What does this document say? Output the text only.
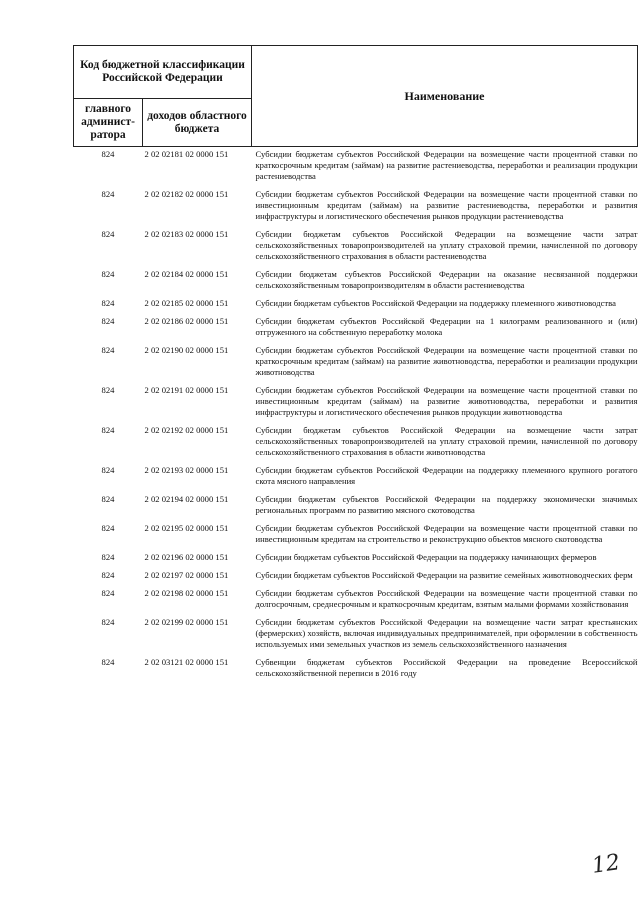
Код бюджетной классификации Российской Федерации		Наименование
главного админист-ратора	доходов областного бюджета	
824	2 02 02181 02 0000 151	Субсидии бюджетам субъектов Российской Федерации на возмещение части процентной ставки по краткосрочным кредитам (займам) на развитие растениеводства, переработки и реализации продукции растениеводства
824	2 02 02182 02 0000 151	Субсидии бюджетам субъектов Российской Федерации на возмещение части процентной ставки по инвестиционным кредитам (займам) на развитие растениеводства, переработки и развития инфраструктуры и логистического обеспечения рынков продукции растениеводства
824	2 02 02183 02 0000 151	Субсидии бюджетам субъектов Российской Федерации на возмещение части затрат сельскохозяйственных товаропроизводителей на уплату страховой премии, начисленной по договору сельскохозяйственного страхования в области растениеводства
824	2 02 02184 02 0000 151	Субсидии бюджетам субъектов Российской Федерации на оказание несвязанной поддержки сельскохозяйственным товаропроизводителям в области растениеводства
824	2 02 02185 02 0000 151	Субсидии бюджетам субъектов Российской Федерации на поддержку племенного животноводства
824	2 02 02186 02 0000 151	Субсидии бюджетам субъектов Российской Федерации на 1 килограмм реализованного и (или) отгруженного на собственную переработку молока
824	2 02 02190 02 0000 151	Субсидии бюджетам субъектов Российской Федерации на возмещение части процентной ставки по краткосрочным кредитам (займам) на развитие животноводства, переработки и реализации продукции животноводства
824	2 02 02191 02 0000 151	Субсидии бюджетам субъектов Российской Федерации на возмещение части процентной ставки по инвестиционным кредитам (займам) на развитие животноводства, переработки и развития инфраструктуры и логистического обеспечения рынков продукции животноводства
824	2 02 02192 02 0000 151	Субсидии бюджетам субъектов Российской Федерации на возмещение части затрат сельскохозяйственных товаропроизводителей на уплату страховой премии, начисленной по договору сельскохозяйственного страхования в области животноводства
824	2 02 02193 02 0000 151	Субсидии бюджетам субъектов Российской Федерации на поддержку племенного крупного рогатого скота мясного направления
824	2 02 02194 02 0000 151	Субсидии бюджетам субъектов Российской Федерации на поддержку экономически значимых региональных программ по развитию мясного скотоводства
824	2 02 02195 02 0000 151	Субсидии бюджетам субъектов Российской Федерации на возмещение части процентной ставки по инвестиционным кредитам на строительство и реконструкцию объектов мясного скотоводства
824	2 02 02196 02 0000 151	Субсидии бюджетам субъектов Российской Федерации на поддержку начинающих фермеров
824	2 02 02197 02 0000 151	Субсидии бюджетам субъектов Российской Федерации на развитие семейных животноводческих ферм
824	2 02 02198 02 0000 151	Субсидии бюджетам субъектов Российской Федерации на возмещение части процентной ставки по долгосрочным, среднесрочным и краткосрочным кредитам, взятым малыми формами хозяйствования
824	2 02 02199 02 0000 151	Субсидии бюджетам субъектов Российской Федерации на возмещение части затрат крестьянских (фермерских) хозяйств, включая индивидуальных предпринимателей, при оформлении в собственность используемых ими земельных участков из земель сельскохозяйственного назначения
824	2 02 03121 02 0000 151	Субвенции бюджетам субъектов Российской Федерации на проведение Всероссийской сельскохозяйственной переписи в 2016 году
12
